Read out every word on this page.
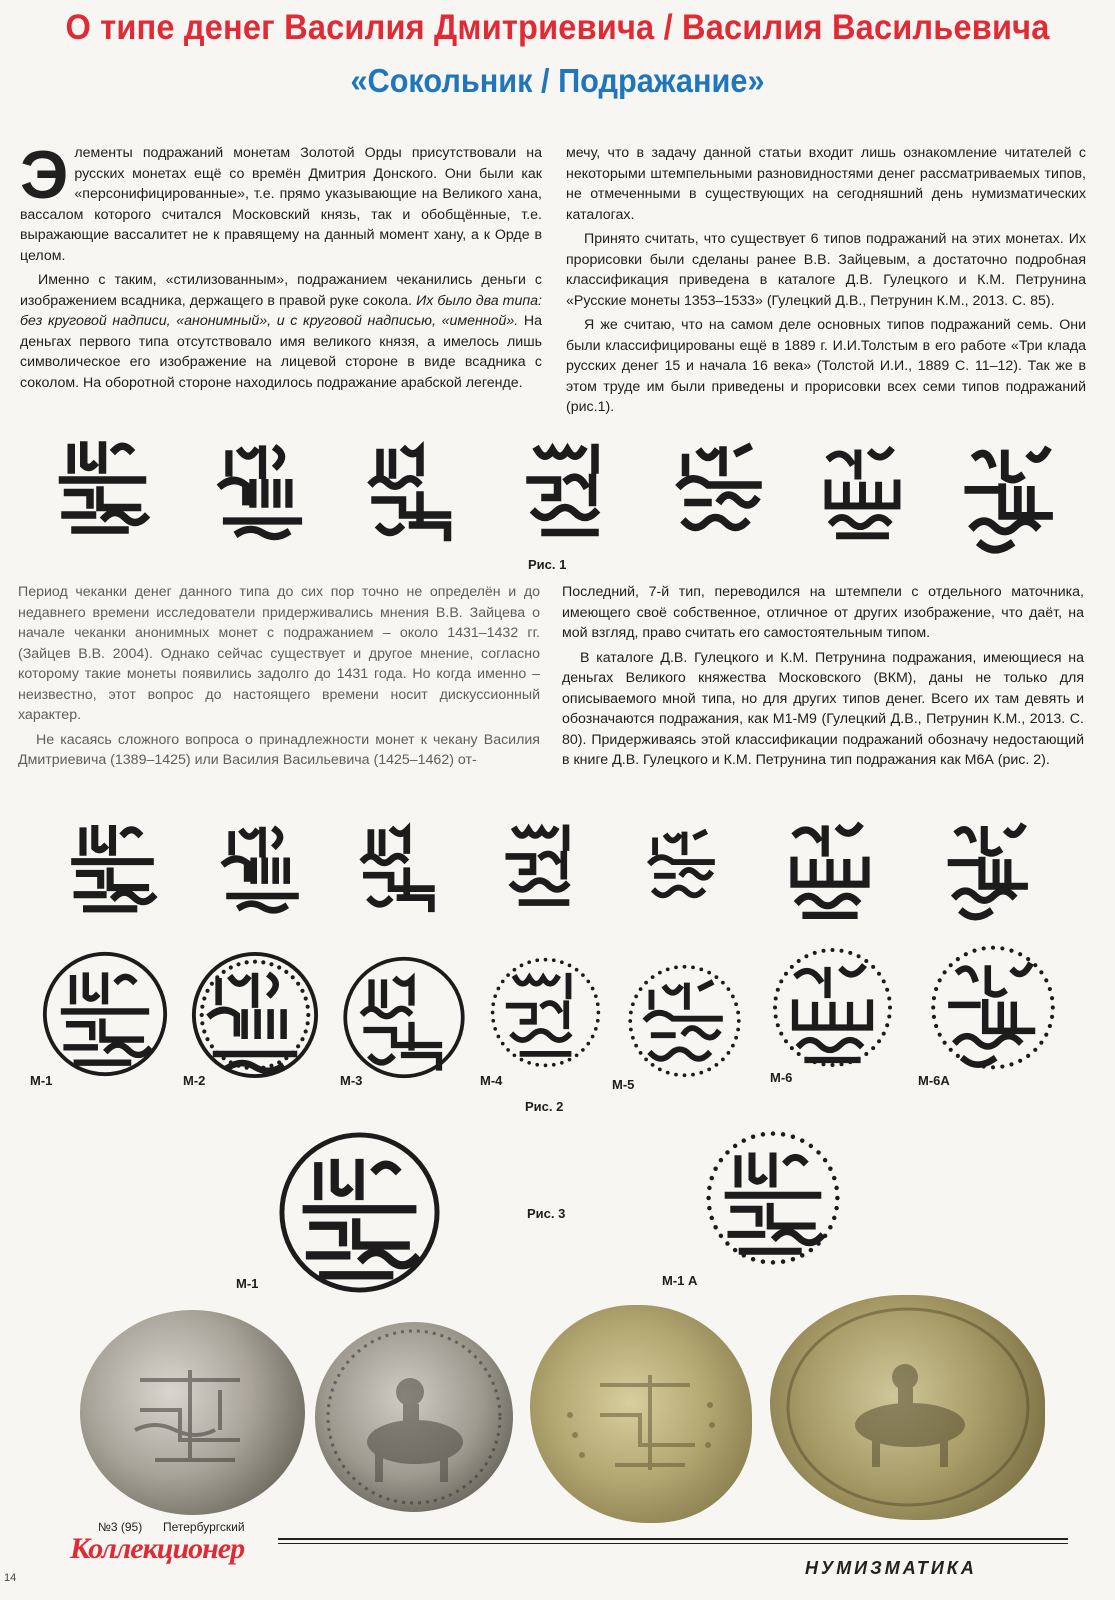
О типе денег Василия Дмитриевича / Василия Васильевича
«Сокольник / Подражание»
Э лементы подражаний монетам Золотой Орды присутствовали на русских монетах ещё со времён Дмитрия Донского. Они были как «персонифицированные», т.е. прямо указывающие на Великого хана, вассалом которого считался Московский князь, так и обобщённые, т.е. выражающие вассалитет не к правящему на данный момент хану, а к Орде в целом.

Именно с таким, «стилизованным», подражанием чеканились деньги с изображением всадника, держащего в правой руке сокола. Их было два типа: без круговой надписи, «анонимный», и с круговой надписью, «именной». На деньгах первого типа отсутствовало имя великого князя, а имелось лишь символическое его изображение на лицевой стороне в виде всадника с соколом. На оборотной стороне находилось подражание арабской легенде.

мечу, что в задачу данной статьи входит лишь ознакомление читателей с некоторыми штемпельными разновидностями денег рассматриваемых типов, не отмеченными в существующих на сегодняшний день нумизматических каталогах.

Принято считать, что существует 6 типов подражаний на этих монетах. Их прорисовки были сделаны ранее В.В. Зайцевым, а достаточно подробная классификация приведена в каталоге Д.В. Гулецкого и К.М. Петрунина «Русские монеты 1353–1533» (Гулецкий Д.В., Петрунин К.М., 2013. С. 85).

Я же считаю, что на самом деле основных типов подражаний семь. Они были классифицированы ещё в 1889 г. И.И.Толстым в его работе «Три клада русских денег 15 и начала 16 века» (Толстой И.И., 1889 С. 11–12). Так же в этом труде им были приведены и прорисовки всех семи типов подражаний (рис.1).

Рис. 1

Период чеканки денег данного типа до сих пор точно не определён и до недавнего времени исследователи придерживались мнения В.В. Зайцева о начале чеканки анонимных монет с подражанием – около 1431–1432 гг. (Зайцев В.В. 2004). Однако сейчас существует и другое мнение, согласно которому такие монеты появились задолго до 1431 года. Но когда именно – неизвестно, этот вопрос до настоящего времени носит дискуссионный характер.

Не касаясь сложного вопроса о принадлежности монет к чекану Василия Дмитриевича (1389–1425) или Василия Васильевича (1425–1462) от-

Последний, 7-й тип, переводился на штемпели с отдельного маточника, имеющего своё собственное, отличное от других изображение, что даёт, на мой взгляд, право считать его самостоятельным типом.

В каталоге Д.В. Гулецкого и К.М. Петрунина подражания, имеющиеся на деньгах Великого княжества Московского (ВКМ), даны не только для описываемого мной типа, но для других типов денег. Всего их там девять и обозначаются подражания, как М1-М9 (Гулецкий Д.В., Петрунин К.М., 2013. С. 80). Придерживаясь этой классификации подражаний обозначу недостающий в книге Д.В. Гулецкого и К.М. Петрунина тип подражания как М6А (рис. 2).

М-1	М-2	М-3	М-4	М-5	М-6	М-6А
Рис. 2
Рис. 3
М-1	М-1 А
№3 (95) Петербургский
Коллекционер
14	НУМИЗМАТИКА
